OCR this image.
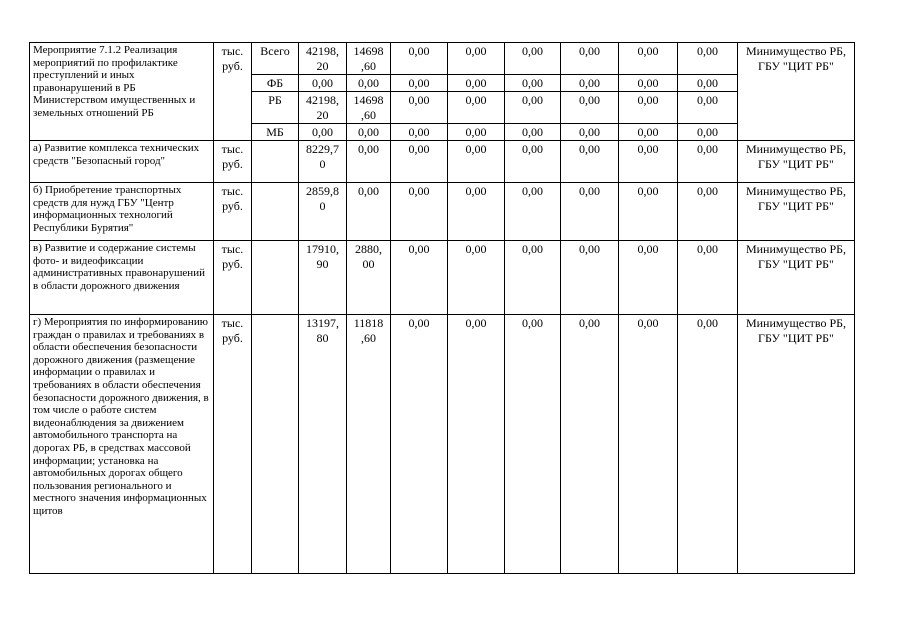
Мероприятие 7.1.2 Реализация мероприятий по профилактике преступлений и иных правонарушений в РБ Министерством имущественных и земельных отношений РБ	тыс. руб.	Всего	42198, 20	14698 ,60	0,00	0,00	0,00	0,00	0,00	0,00	Минимущество РБ, ГБУ "ЦИТ РБ"
		ФБ	0,00	0,00	0,00	0,00	0,00	0,00	0,00	0,00	
		РБ	42198, 20	14698 ,60	0,00	0,00	0,00	0,00	0,00	0,00	
		МБ	0,00	0,00	0,00	0,00	0,00	0,00	0,00	0,00	
а) Развитие комплекса технических средств "Безопасный город"	тыс. руб.		8229,7 0	0,00	0,00	0,00	0,00	0,00	0,00	0,00	Минимущество РБ, ГБУ "ЦИТ РБ"
б) Приобретение транспортных средств для нужд ГБУ "Центр информационных технологий Республики Бурятия"	тыс. руб.		2859,8 0	0,00	0,00	0,00	0,00	0,00	0,00	0,00	Минимущество РБ, ГБУ "ЦИТ РБ"
в) Развитие и содержание системы фото- и видеофиксации административных правонарушений в области дорожного движения	тыс. руб.		17910, 90	2880, 00	0,00	0,00	0,00	0,00	0,00	0,00	Минимущество РБ, ГБУ "ЦИТ РБ"
г) Мероприятия по информированию граждан о правилах и требованиях в области обеспечения безопасности дорожного движения (размещение информации о правилах и требованиях в области обеспечения безопасности дорожного движения, в том числе о работе систем видеонаблюдения за движением автомобильного транспорта на дорогах РБ, в средствах массовой информации; установка на автомобильных дорогах общего пользования регионального и местного значения информационных щитов	тыс. руб.		13197, 80	11818 ,60	0,00	0,00	0,00	0,00	0,00	0,00	Минимущество РБ, ГБУ "ЦИТ РБ"
